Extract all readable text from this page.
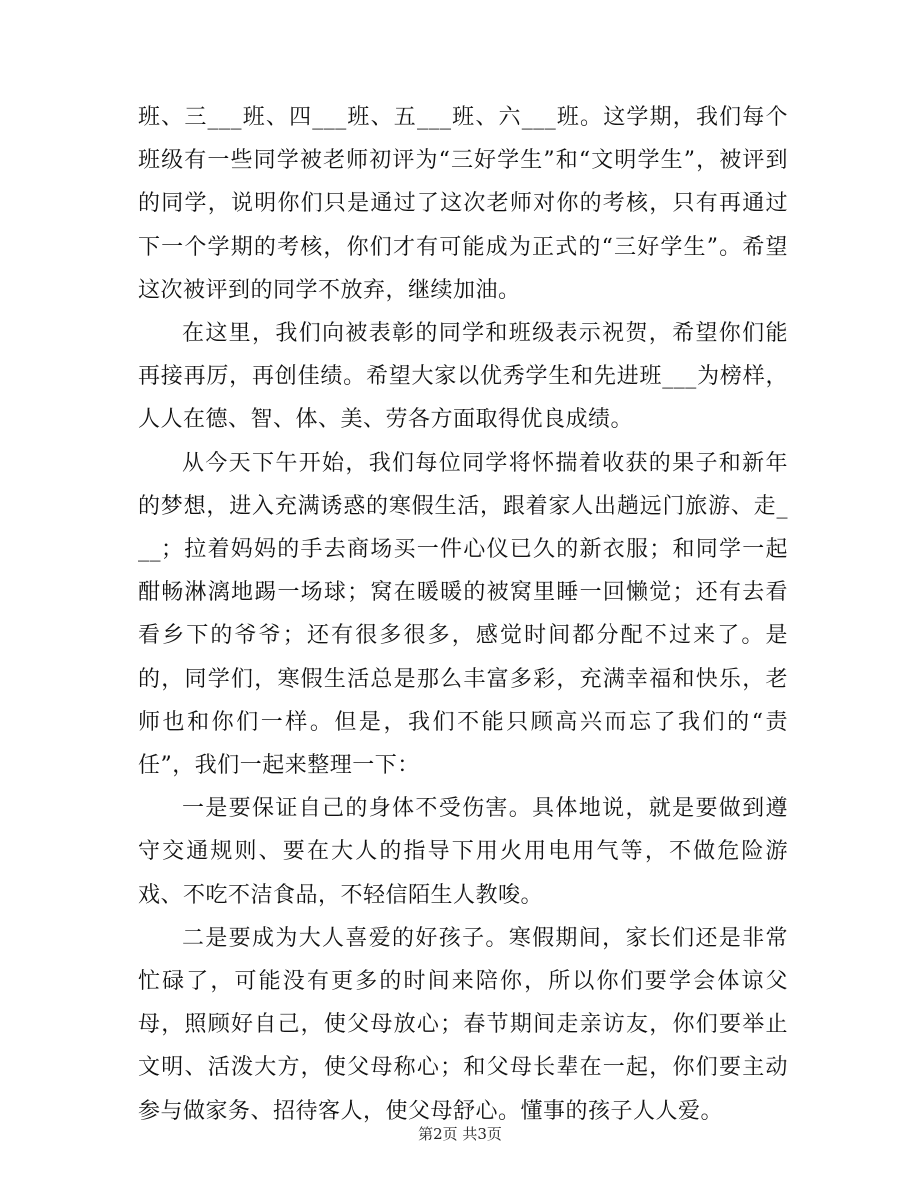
班、三___班、四___班、五___班、六___班。这学期，我们每个班级有一些同学被老师初评为“三好学生”和“文明学生”，被评到的同学，说明你们只是通过了这次老师对你的考核，只有再通过下一个学期的考核，你们才有可能成为正式的“三好学生”。希望这次被评到的同学不放弃，继续加油。

在这里，我们向被表彰的同学和班级表示祝贺，希望你们能再接再厉，再创佳绩。希望大家以优秀学生和先进班___为榜样，人人在德、智、体、美、劳各方面取得优良成绩。

从今天下午开始，我们每位同学将怀揣着收获的果子和新年的梦想，进入充满诱惑的寒假生活，跟着家人出趟远门旅游、走___；拉着妈妈的手去商场买一件心仪已久的新衣服；和同学一起酣畅淋漓地踢一场球；窝在暖暖的被窝里睡一回懒觉；还有去看看乡下的爷爷；还有很多很多，感觉时间都分配不过来了。是的，同学们，寒假生活总是那么丰富多彩，充满幸福和快乐，老师也和你们一样。但是，我们不能只顾高兴而忘了我们的“责任”，我们一起来整理一下：

一是要保证自己的身体不受伤害。具体地说，就是要做到遵守交通规则、要在大人的指导下用火用电用气等，不做危险游戏、不吃不洁食品，不轻信陌生人教唆。

二是要成为大人喜爱的好孩子。寒假期间，家长们还是非常忙碌了，可能没有更多的时间来陪你，所以你们要学会体谅父母，照顾好自己，使父母放心；春节期间走亲访友，你们要举止文明、活泼大方，使父母称心；和父母长辈在一起，你们要主动参与做家务、招待客人，使父母舒心。懂事的孩子人人爱。

第2页 共3页
